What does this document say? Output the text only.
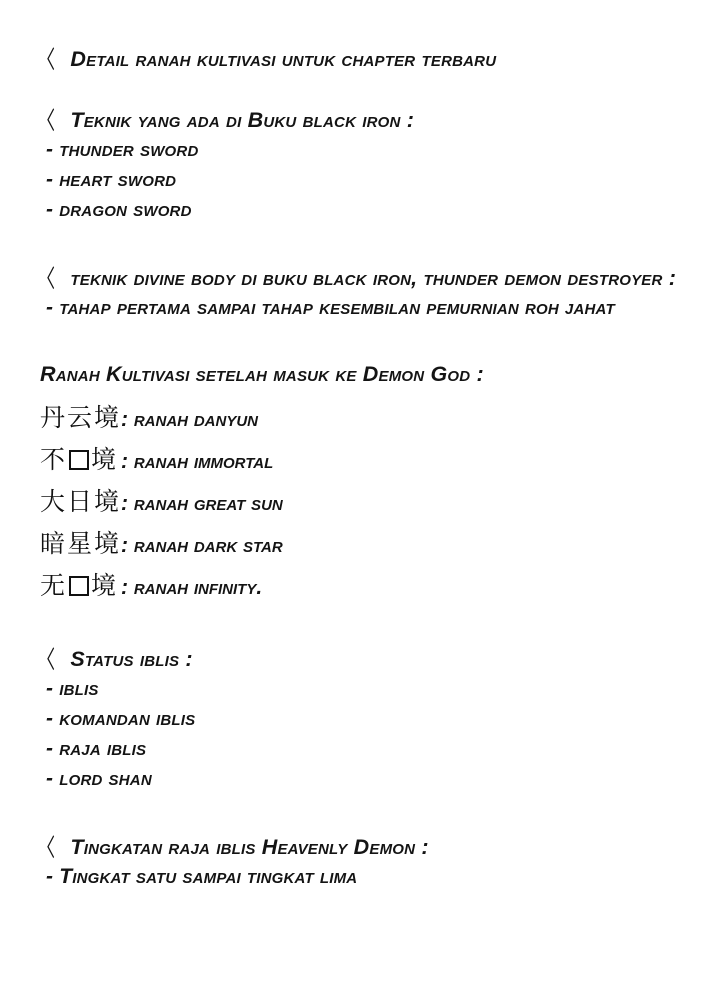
〈 Detail ranah kultivasi untuk chapter terbaru
〈 Teknik yang ada di Buku black iron :
- thunder sword
- heart sword
- dragon sword
〈 teknik divine body di buku black iron, thunder demon destroyer :
- tahap pertama sampai tahap kesembilan pemurnian roh jahat
Ranah Kultivasi setelah masuk ke Demon God :
丹云境	: ranah danyun
不 境	: ranah immortal
大日境	: ranah great sun
暗星境	: ranah dark star
无 境	: ranah infinity.
〈 Status iblis :
- iblis
- komandan iblis
- raja iblis
- lord shan
〈 Tingkatan raja iblis Heavenly Demon :
- Tingkat satu sampai tingkat lima
